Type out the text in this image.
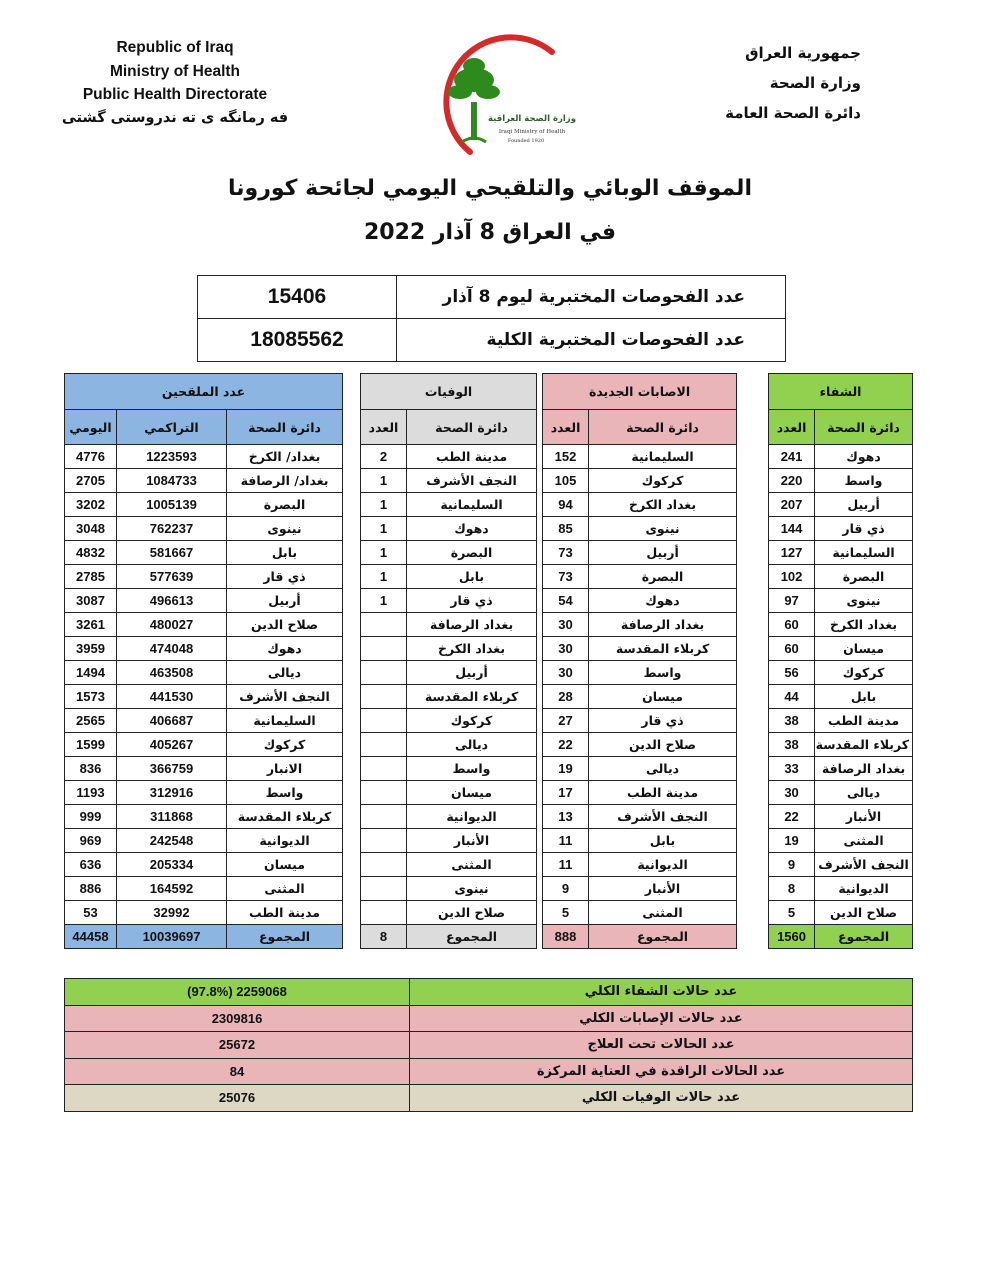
Republic of Iraq
Ministry of Health
Public Health Directorate
فه رمانگه ی ته ندروستی گشتی
جمهورية العراق
وزارة الصحة
دائرة الصحة العامة
وزارة الصحة العراقية
Iraqi Ministry of Health
Founded 1920
الموقف الوبائي والتلقيحي اليومي لجائحة كورونا
في العراق 8 آذار 2022
15406	عدد الفحوصات المختبرية ليوم 8 آذار
18085562	عدد الفحوصات المختبرية الكلية
عدد الملقحين				الوفيات			الاصابات الجديدة			الشفاء	
اليومي	التراكمي	دائرة الصحة		العدد	دائرة الصحة		العدد	دائرة الصحة		العدد	دائرة الصحة
4776	1223593	بغداد/ الكرخ		2	مدينة الطب		152	السليمانية		241	دهوك
2705	1084733	بغداد/ الرصافة		1	النجف الأشرف		105	كركوك		220	واسط
3202	1005139	البصرة		1	السليمانية		94	بغداد الكرخ		207	أربيل
3048	762237	نينوى		1	دهوك		85	نينوى		144	ذي قار
4832	581667	بابل		1	البصرة		73	أربيل		127	السليمانية
2785	577639	ذي قار		1	بابل		73	البصرة		102	البصرة
3087	496613	أربيل		1	ذي قار		54	دهوك		97	نينوى
3261	480027	صلاح الدين			بغداد الرصافة		30	بغداد الرصافة		60	بغداد الكرخ
3959	474048	دهوك			بغداد الكرخ		30	كربلاء المقدسة		60	ميسان
1494	463508	ديالى			أربيل		30	واسط		56	كركوك
1573	441530	النجف الأشرف			كربلاء المقدسة		28	ميسان		44	بابل
2565	406687	السليمانية			كركوك		27	ذي قار		38	مدينة الطب
1599	405267	كركوك			ديالى		22	صلاح الدين		38	كربلاء المقدسة
836	366759	الانبار			واسط		19	ديالى		33	بغداد الرصافة
1193	312916	واسط			ميسان		17	مدينة الطب		30	ديالى
999	311868	كربلاء المقدسة			الديوانية		13	النجف الأشرف		22	الأنبار
969	242548	الديوانية			الأنبار		11	بابل		19	المثنى
636	205334	ميسان			المثنى		11	الديوانية		9	النجف الأشرف
886	164592	المثنى			نينوى		9	الأنبار		8	الديوانية
53	32992	مدينة الطب			صلاح الدين		5	المثنى		5	صلاح الدين
44458	10039697	المجموع		8	المجموع		888	المجموع		1560	المجموع
2259068 (97.8%)	عدد حالات الشفاء الكلي
2309816	عدد حالات الإصابات الكلي
25672	عدد الحالات تحت العلاج
84	عدد الحالات الراقدة في العناية المركزة
25076	عدد حالات الوفيات الكلي
